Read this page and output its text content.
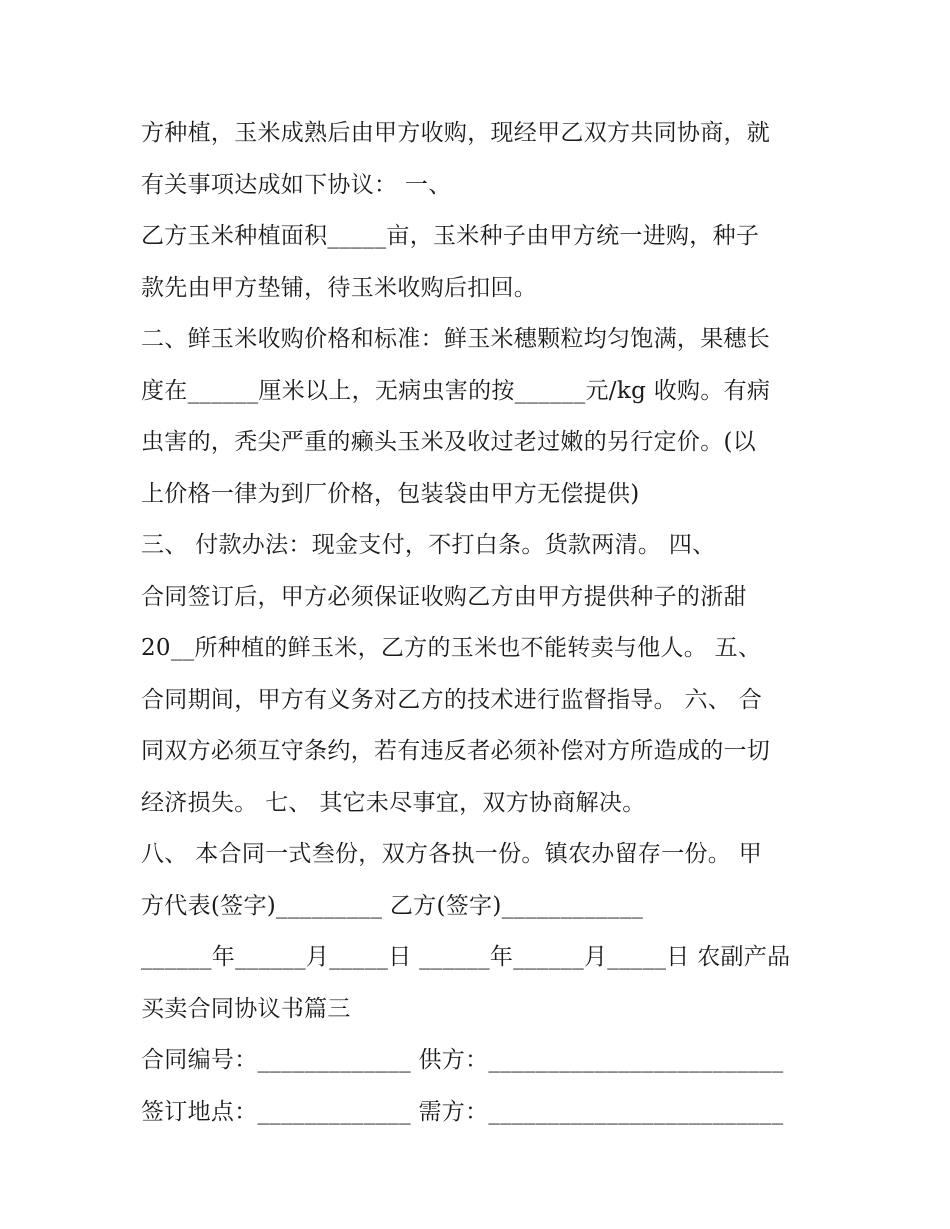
方种植，玉米成熟后由甲方收购，现经甲乙双方共同协商，就
有关事项达成如下协议： 一、
乙方玉米种植面积_____亩，玉米种子由甲方统一进购，种子
款先由甲方垫铺，待玉米收购后扣回。
二、鲜玉米收购价格和标准：鲜玉米穗颗粒均匀饱满，果穗长
度在______厘米以上，无病虫害的按______元/kg 收购。有病
虫害的，秃尖严重的癞头玉米及收过老过嫩的另行定价。(以
上价格一律为到厂价格，包装袋由甲方无偿提供)
三、 付款办法：现金支付，不打白条。货款两清。 四、
合同签订后，甲方必须保证收购乙方由甲方提供种子的浙甜
20__所种植的鲜玉米，乙方的玉米也不能转卖与他人。 五、
合同期间，甲方有义务对乙方的技术进行监督指导。 六、 合
同双方必须互守条约，若有违反者必须补偿对方所造成的一切
经济损失。 七、 其它未尽事宜，双方协商解决。
八、 本合同一式叁份，双方各执一份。镇农办留存一份。 甲
方代表(签字)_________ 乙方(签字)____________
______年______月_____日 ______年______月_____日 农副产品
买卖合同协议书篇三
合同编号：_____________ 供方：_________________________
签订地点：_____________ 需方：_________________________
